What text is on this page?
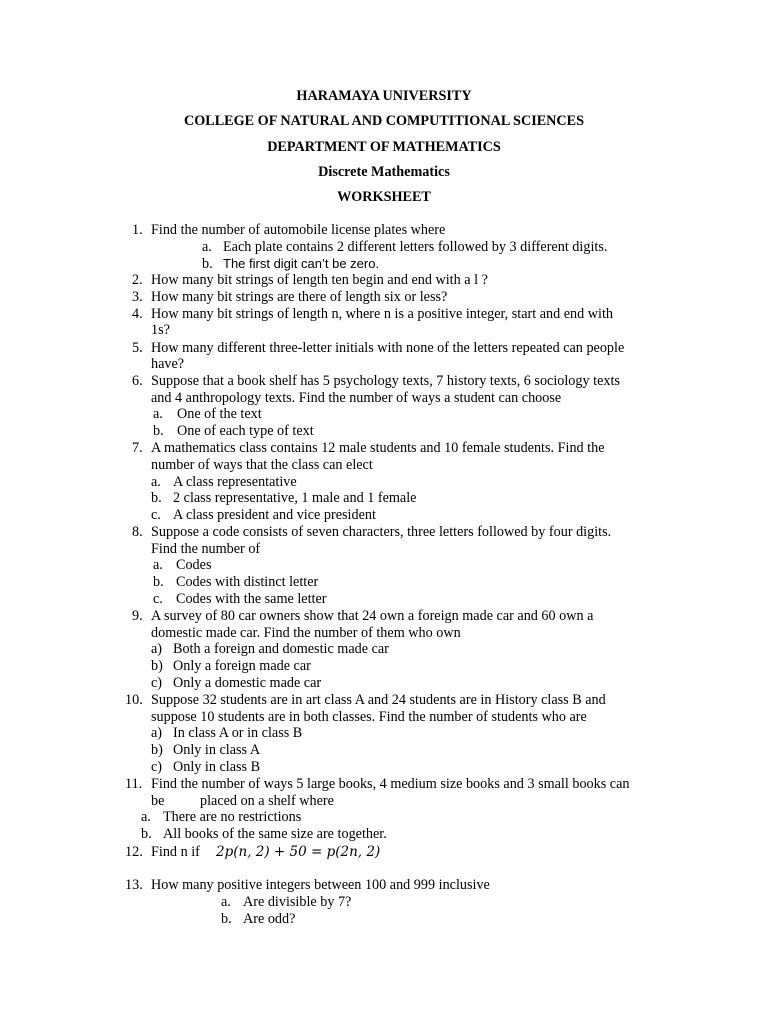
HARAMAYA UNIVERSITY
COLLEGE OF NATURAL AND COMPUTITIONAL SCIENCES
DEPARTMENT OF MATHEMATICS
Discrete Mathematics
WORKSHEET
1. Find the number of automobile license plates where
a. Each plate contains 2 different letters followed by 3 different digits.
b. The first digit can’t be zero.
2. How many bit strings of length ten begin and end with a l ?
3. How many bit strings are there of length six or less?
4. How many bit strings of length n, where n is a positive integer, start and end with
1s?
5. How many different three-letter initials with none of the letters repeated can people
have?
6. Suppose that a book shelf has 5 psychology texts, 7 history texts, 6 sociology texts
and 4 anthropology texts. Find the number of ways a student can choose
a. One of the text
b. One of each type of text
7. A mathematics class contains 12 male students and 10 female students. Find the
number of ways that the class can elect
a. A class representative
b. 2 class representative, 1 male and 1 female
c. A class president and vice president
8. Suppose a code consists of seven characters, three letters followed by four digits.
Find the number of
a. Codes
b. Codes with distinct letter
c. Codes with the same letter
9. A survey of 80 car owners show that 24 own a foreign made car and 60 own a
domestic made car. Find the number of them who own
a) Both a foreign and domestic made car
b) Only a foreign made car
c) Only a domestic made car
10. Suppose 32 students are in art class A and 24 students are in History class B and
suppose 10 students are in both classes. Find the number of students who are
a) In class A or in class B
b) Only in class A
c) Only in class B
11. Find the number of ways 5 large books, 4 medium size books and 3 small books can
be	placed on a shelf where
a. There are no restrictions
b. All books of the same size are together.
12. Find n if 2p(n, 2) + 50 = p(2n, 2)
13. How many positive integers between 100 and 999 inclusive
a. Are divisible by 7?
b. Are odd?
